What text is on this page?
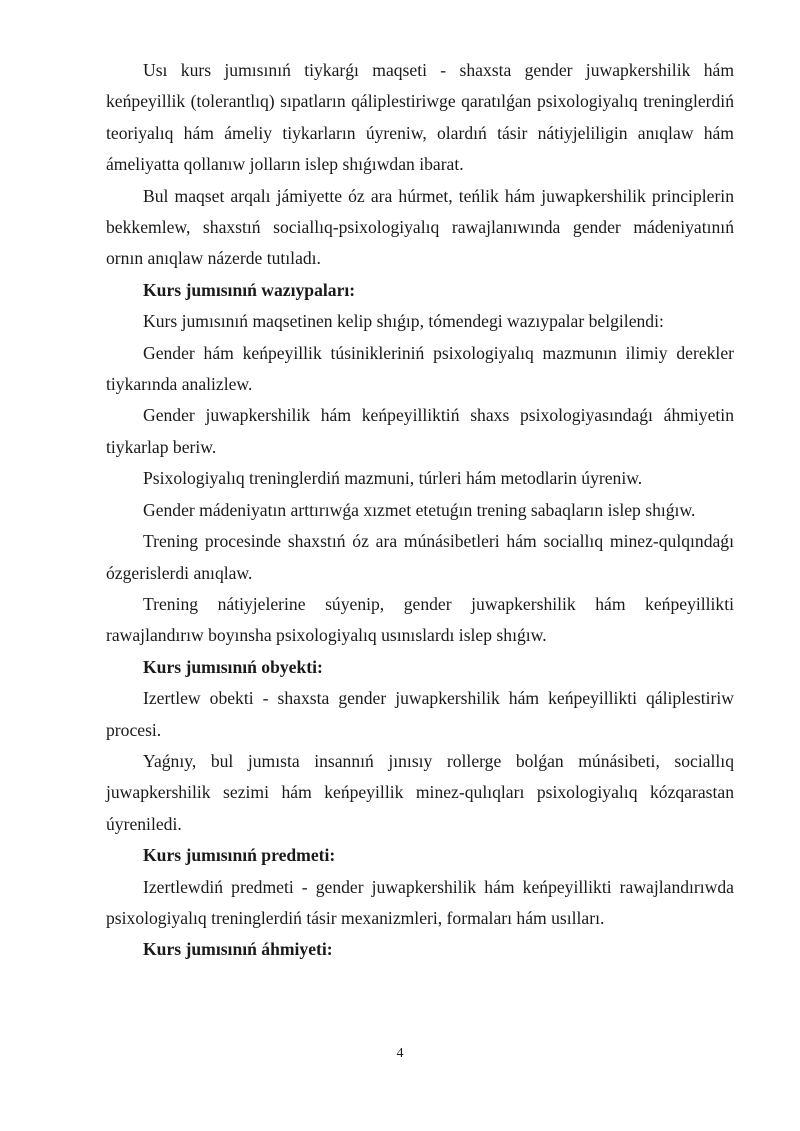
Usı kurs jumısınıń tiykarǵı maqseti - shaxsta gender juwapkershilik hám keńpeyillik (tolerantlıq) sıpatların qáliplestiriwge qaratılǵan psixologiyalıq treninglerdiń teoriyalıq hám ámeliy tiykarların úyreniw, olardıń tásir nátiyjeliligin anıqlaw hám ámeliyatta qollanıw jolların islep shıǵıwdan ibarat.

Bul maqset arqalı jámiyette óz ara húrmet, teńlik hám juwapkershilik principlerin bekkemlew, shaxstıń sociallıq-psixologiyalıq rawajlanıwında gender mádeniyatınıń ornın anıqlaw názerde tutıladı.

Kurs jumısınıń wazıypaları:

Kurs jumısınıń maqsetinen kelip shıǵıp, tómendegi wazıypalar belgilendi:

Gender hám keńpeyillik túsinikleriniń psixologiyalıq mazmunın ilimiy derekler tiykarında analizlew.

Gender juwapkershilik hám keńpeyilliktiń shaxs psixologiyasındaǵı áhmiyetin tiykarlap beriw.

Psixologiyalıq treninglerdiń mazmuni, túrleri hám metodlarin úyreniw.

Gender mádeniyatın arttırıwǵa xızmet etetuǵın trening sabaqların islep shıǵıw.

Trening procesinde shaxstıń óz ara múnásibetleri hám sociallıq minez-qulqındaǵı ózgerislerdi anıqlaw.

Trening nátiyjelerine súyenip, gender juwapkershilik hám keńpeyillikti rawajlandırıw boyınsha psixologiyalıq usınıslardı islep shıǵıw.

Kurs jumısınıń obyekti:

Izertlew obekti - shaxsta gender juwapkershilik hám keńpeyillikti qáliplestiriw procesi.

Yaǵnıy, bul jumısta insannıń jınısıy rollerge bolǵan múnásibeti, sociallıq juwapkershilik sezimi hám keńpeyillik minez-qulıqları psixologiyalıq kózqarastan úyreniledi.

Kurs jumısınıń predmeti:

Izertlewdiń predmeti - gender juwapkershilik hám keńpeyillikti rawajlandırıwda psixologiyalıq treninglerdiń tásir mexanizmleri, formaları hám usılları.

Kurs jumısınıń áhmiyeti:

4
